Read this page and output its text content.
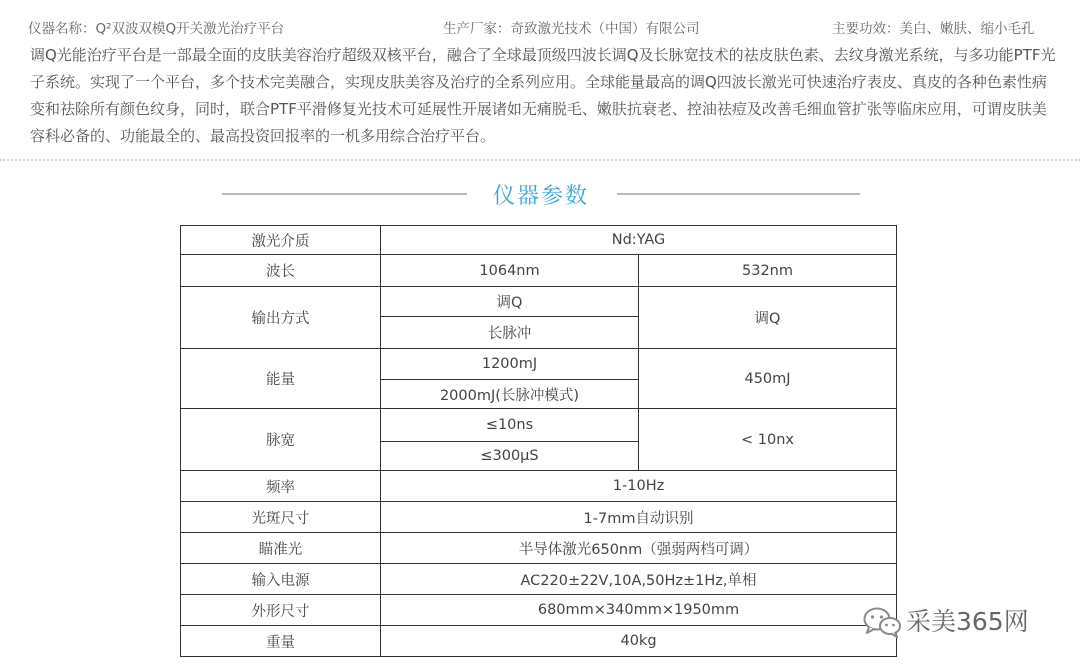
仪器名称：Q²双波双模Q开关激光治疗平台	生产厂家：奇致激光技术（中国）有限公司	主要功效：美白、嫩肤、缩小毛孔

调Q光能治疗平台是一部最全面的皮肤美容治疗超级双核平台，融合了全球最顶级四波长调Q及长脉宽技术的祛皮肤色素、去纹身激光系统，与多功能PTF光子系统。实现了一个平台，多个技术完美融合，实现皮肤美容及治疗的全系列应用。全球能量最高的调Q四波长激光可快速治疗表皮、真皮的各种色素性病变和祛除所有颜色纹身，同时，联合PTF平滑修复光技术可延展性开展诸如无痛脱毛、嫩肤抗衰老、控油祛痘及改善毛细血管扩张等临床应用，可谓皮肤美容科必备的、功能最全的、最高投资回报率的一机多用综合治疗平台。

仪器参数
激光介质	Nd:YAG	
波长	1064nm	532nm
输出方式	调Q	调Q
	长脉冲	
能量	1200mJ	450mJ
	2000mJ(长脉冲模式)	
脉宽	≤10ns	< 10nx
	≤300μS	
频率	1-10Hz	
光斑尺寸	1-7mm自动识别	
瞄准光	半导体激光650nm（强弱两档可调）	
输入电源	AC220±22V,10A,50Hz±1Hz,单相	
外形尺寸	680mm×340mm×1950mm	
重量	40kg	
采美365网
